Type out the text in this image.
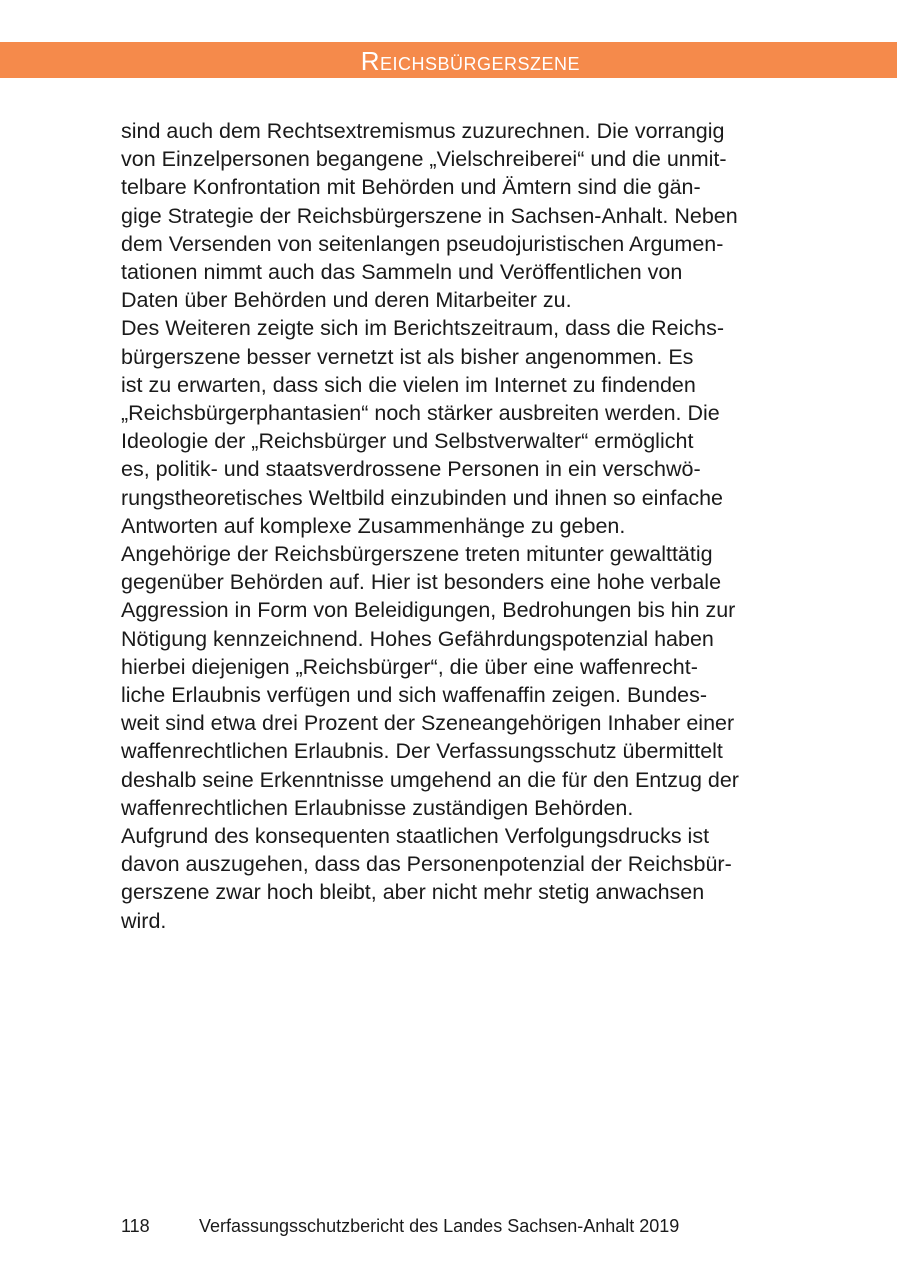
Reichsbürgerszene
sind auch dem Rechtsextremismus zuzurechnen. Die vorrangig
von Einzelpersonen begangene „Vielschreiberei“ und die unmit-
telbare Konfrontation mit Behörden und Ämtern sind die gän-
gige Strategie der Reichsbürgerszene in Sachsen-Anhalt. Neben
dem Versenden von seitenlangen pseudojuristischen Argumen-
tationen nimmt auch das Sammeln und Veröffentlichen von
Daten über Behörden und deren Mitarbeiter zu.
Des Weiteren zeigte sich im Berichtszeitraum, dass die Reichs-
bürgerszene besser vernetzt ist als bisher angenommen. Es
ist zu erwarten, dass sich die vielen im Internet zu findenden
„Reichsbürgerphantasien“ noch stärker ausbreiten werden. Die
Ideologie der „Reichsbürger und Selbstverwalter“ ermöglicht
es, politik- und staatsverdrossene Personen in ein verschwö-
rungstheoretisches Weltbild einzubinden und ihnen so einfache
Antworten auf komplexe Zusammenhänge zu geben.
Angehörige der Reichsbürgerszene treten mitunter gewalttätig
gegenüber Behörden auf. Hier ist besonders eine hohe verbale
Aggression in Form von Beleidigungen, Bedrohungen bis hin zur
Nötigung kennzeichnend. Hohes Gefährdungspotenzial haben
hierbei diejenigen „Reichsbürger“, die über eine waffenrecht-
liche Erlaubnis verfügen und sich waffenaffin zeigen. Bundes-
weit sind etwa drei Prozent der Szeneangehörigen Inhaber einer
waffenrechtlichen Erlaubnis. Der Verfassungsschutz übermittelt
deshalb seine Erkenntnisse umgehend an die für den Entzug der
waffenrechtlichen Erlaubnisse zuständigen Behörden.
Aufgrund des konsequenten staatlichen Verfolgungsdrucks ist
davon auszugehen, dass das Personenpotenzial der Reichsbür-
gerszene zwar hoch bleibt, aber nicht mehr stetig anwachsen
wird.
118	Verfassungsschutzbericht des Landes Sachsen-Anhalt 2019
